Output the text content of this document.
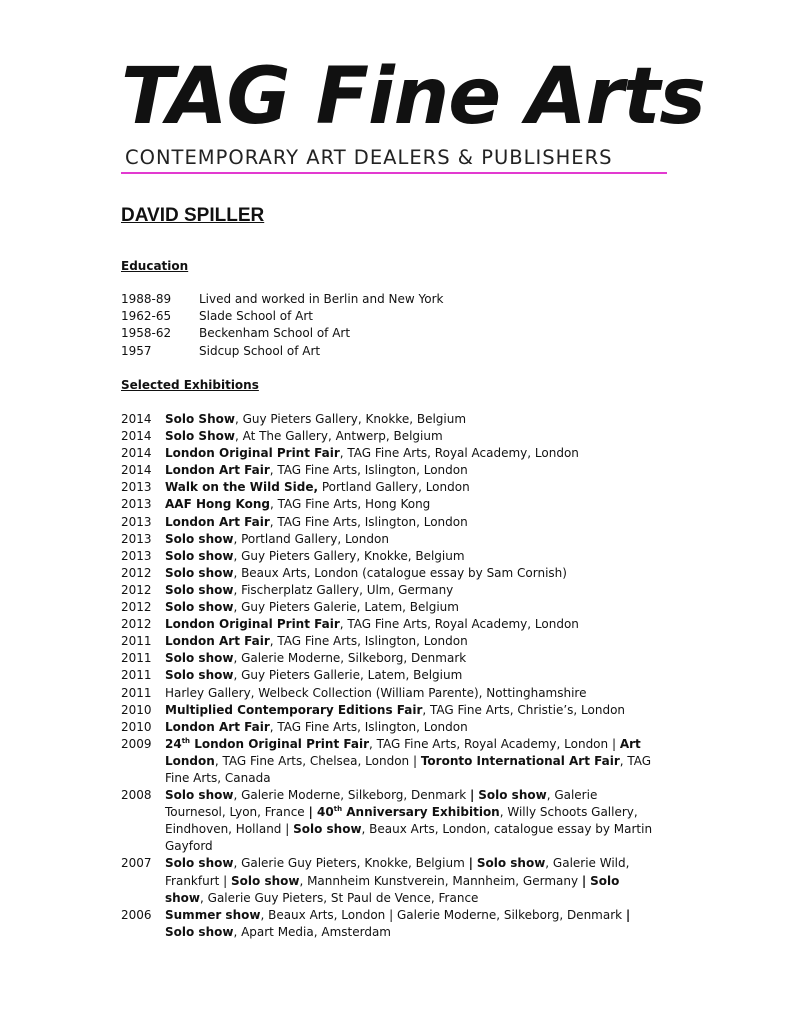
TAG Fine Arts
CONTEMPORARY ART DEALERS & PUBLISHERS
DAVID SPILLER
Education
1988-89	Lived and worked in Berlin and New York
1962-65	Slade School of Art
1958-62	Beckenham School of Art
1957	Sidcup School of Art
Selected Exhibitions
2014	Solo Show, Guy Pieters Gallery, Knokke, Belgium
2014	Solo Show, At The Gallery, Antwerp, Belgium
2014	London Original Print Fair, TAG Fine Arts, Royal Academy, London
2014	London Art Fair, TAG Fine Arts, Islington, London
2013	Walk on the Wild Side, Portland Gallery, London
2013	AAF Hong Kong, TAG Fine Arts, Hong Kong
2013	London Art Fair, TAG Fine Arts, Islington, London
2013	Solo show, Portland Gallery, London
2013	Solo show, Guy Pieters Gallery, Knokke, Belgium
2012	Solo show, Beaux Arts, London (catalogue essay by Sam Cornish)
2012	Solo show, Fischerplatz Gallery, Ulm, Germany
2012	Solo show, Guy Pieters Galerie, Latem, Belgium
2012	London Original Print Fair, TAG Fine Arts, Royal Academy, London
2011	London Art Fair, TAG Fine Arts, Islington, London
2011	Solo show, Galerie Moderne, Silkeborg, Denmark
2011	Solo show, Guy Pieters Gallerie, Latem, Belgium
2011	Harley Gallery, Welbeck Collection (William Parente), Nottinghamshire
2010	Multiplied Contemporary Editions Fair, TAG Fine Arts, Christie’s, London
2010	London Art Fair, TAG Fine Arts, Islington, London
2009	24th London Original Print Fair, TAG Fine Arts, Royal Academy, London | Art London, TAG Fine Arts, Chelsea, London | Toronto International Art Fair, TAG Fine Arts, Canada
2008	Solo show, Galerie Moderne, Silkeborg, Denmark | Solo show, Galerie Tournesol, Lyon, France | 40th Anniversary Exhibition, Willy Schoots Gallery, Eindhoven, Holland | Solo show, Beaux Arts, London, catalogue essay by Martin Gayford
2007	Solo show, Galerie Guy Pieters, Knokke, Belgium | Solo show, Galerie Wild, Frankfurt | Solo show, Mannheim Kunstverein, Mannheim, Germany | Solo show, Galerie Guy Pieters, St Paul de Vence, France
2006	Summer show, Beaux Arts, London | Galerie Moderne, Silkeborg, Denmark | Solo show, Apart Media, Amsterdam
